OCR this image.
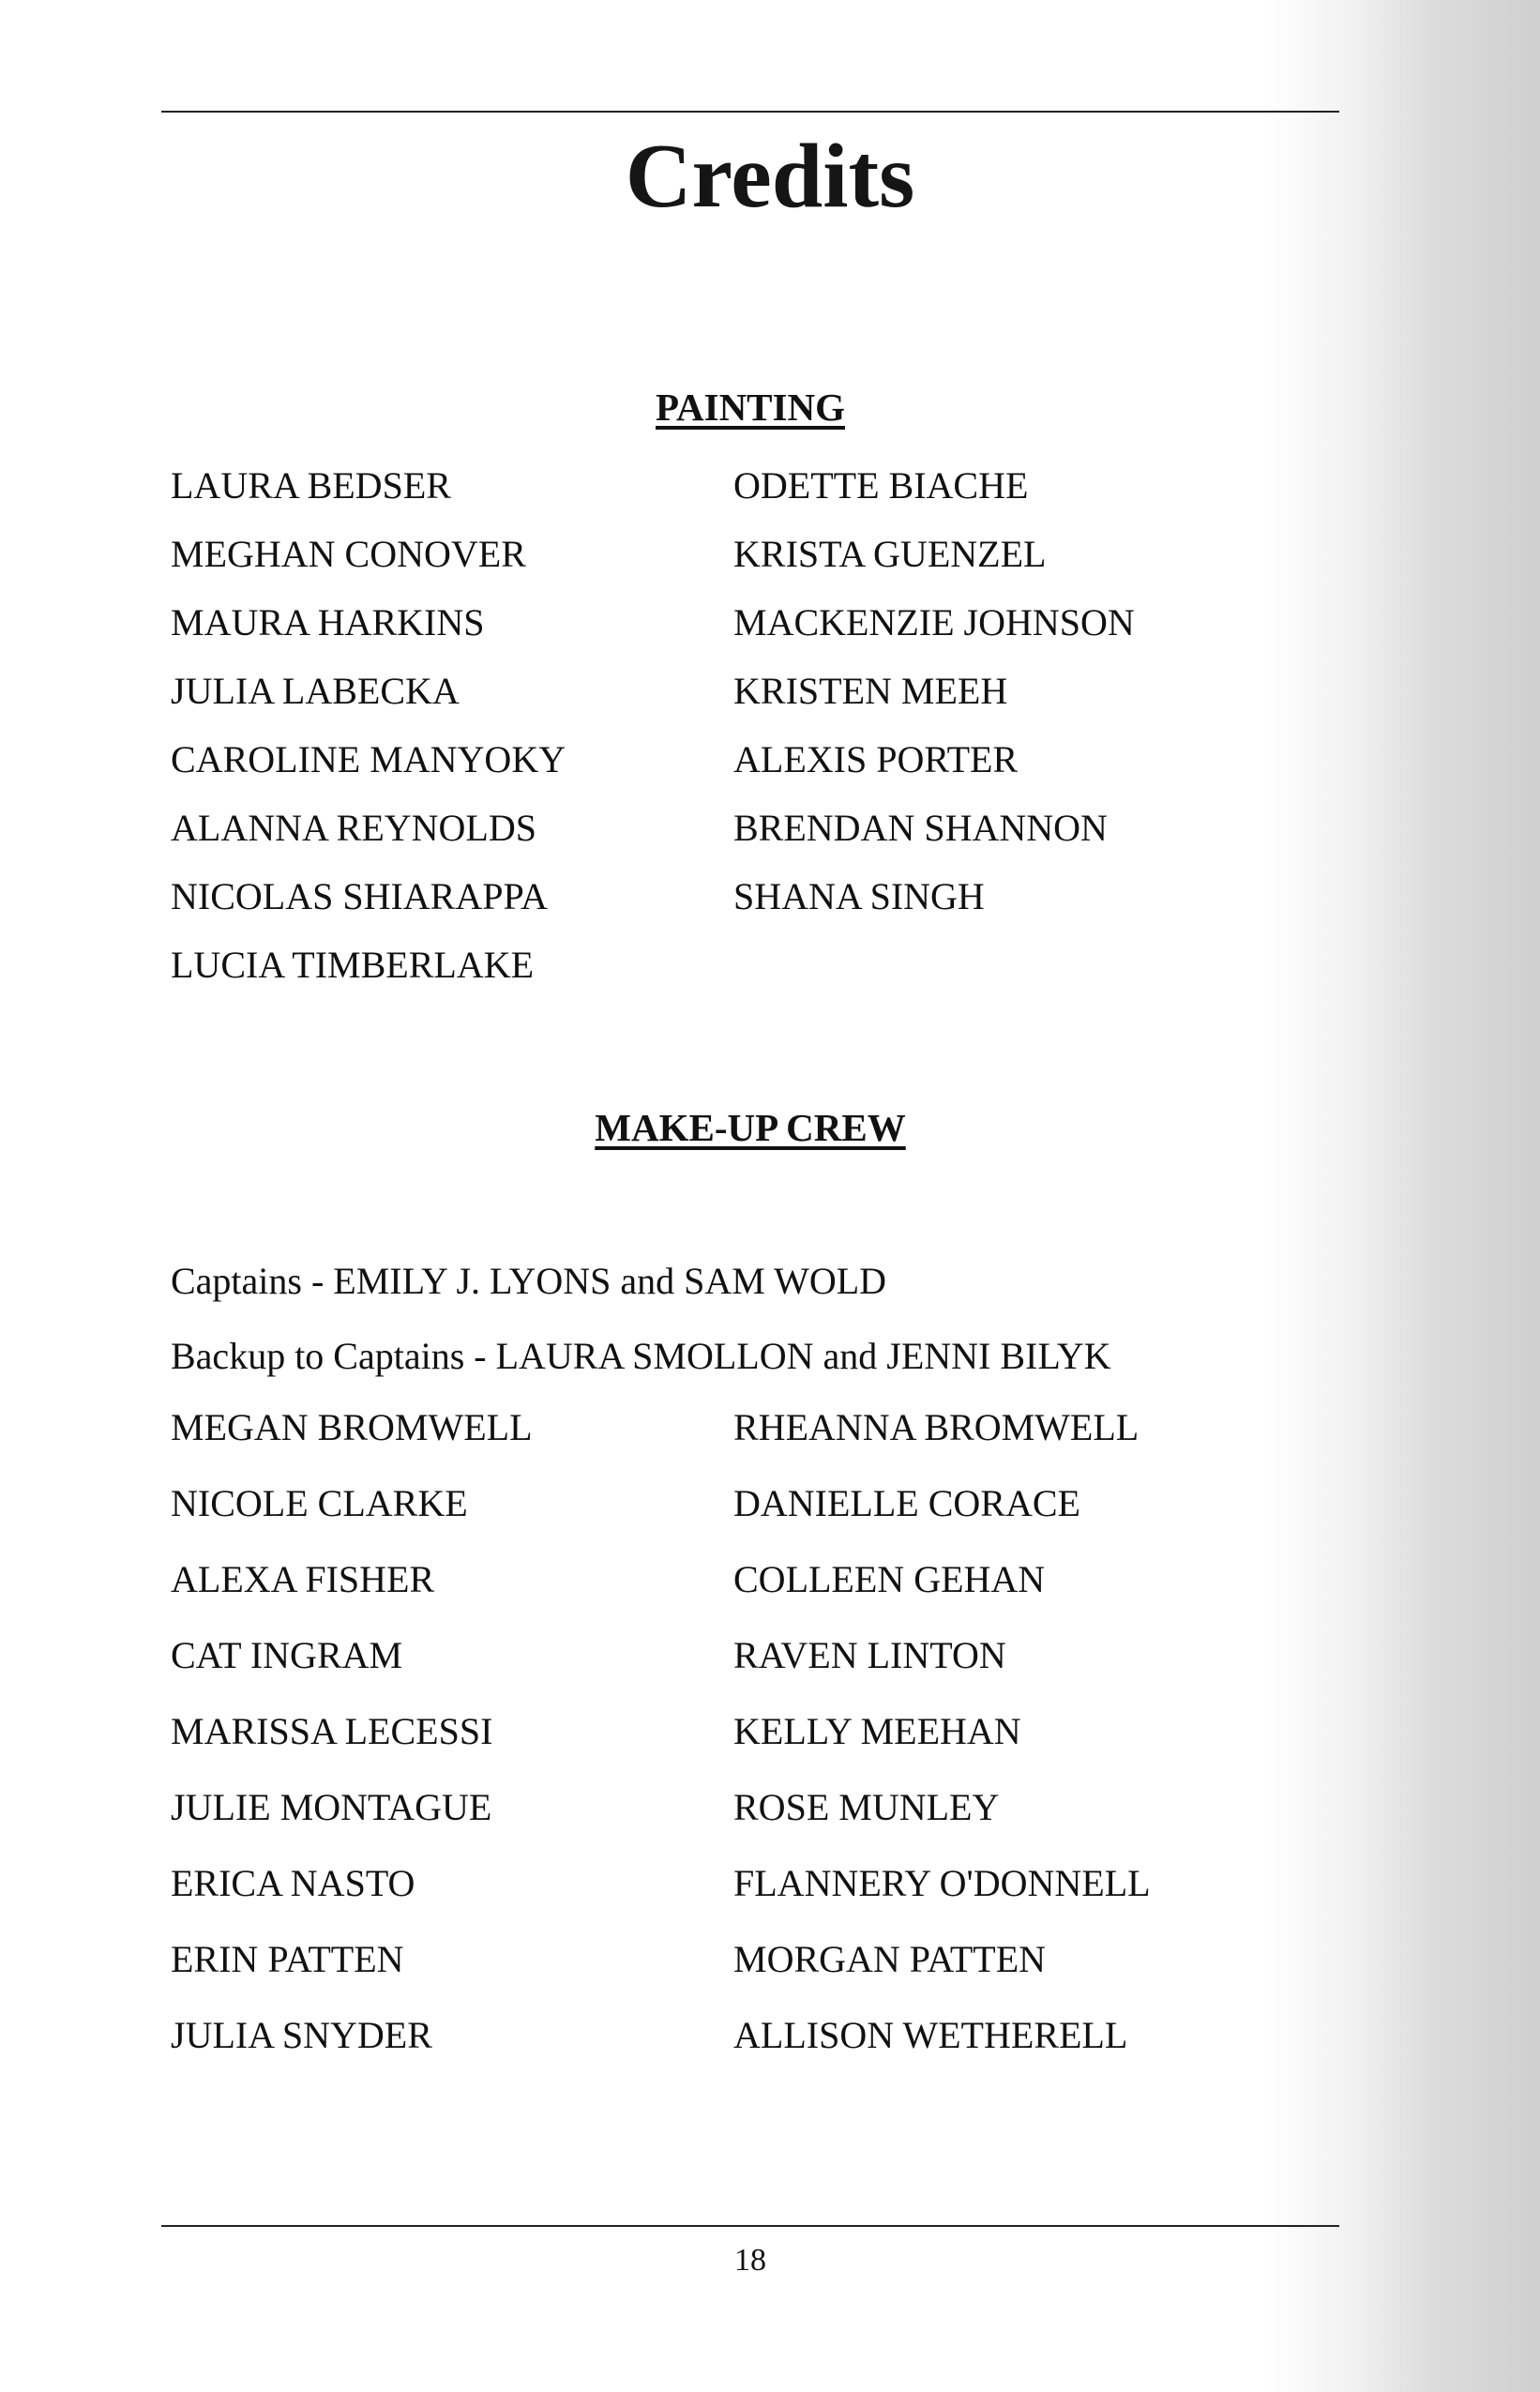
Credits
PAINTING
LAURA BEDSER	ODETTE BIACHE
MEGHAN CONOVER	KRISTA GUENZEL
MAURA HARKINS	MACKENZIE JOHNSON
JULIA LABECKA	KRISTEN MEEH
CAROLINE MANYOKY	ALEXIS PORTER
ALANNA REYNOLDS	BRENDAN SHANNON
NICOLAS SHIARAPPA	SHANA SINGH
LUCIA TIMBERLAKE
MAKE-UP CREW
Captains - EMILY J. LYONS and SAM WOLD
Backup to Captains - LAURA SMOLLON and JENNI BILYK
MEGAN BROMWELL	RHEANNA BROMWELL
NICOLE CLARKE	DANIELLE CORACE
ALEXA FISHER	COLLEEN GEHAN
CAT INGRAM	RAVEN LINTON
MARISSA LECESSI	KELLY MEEHAN
JULIE MONTAGUE	ROSE MUNLEY
ERICA NASTO	FLANNERY O'DONNELL
ERIN PATTEN	MORGAN PATTEN
JULIA SNYDER	ALLISON WETHERELL
18
